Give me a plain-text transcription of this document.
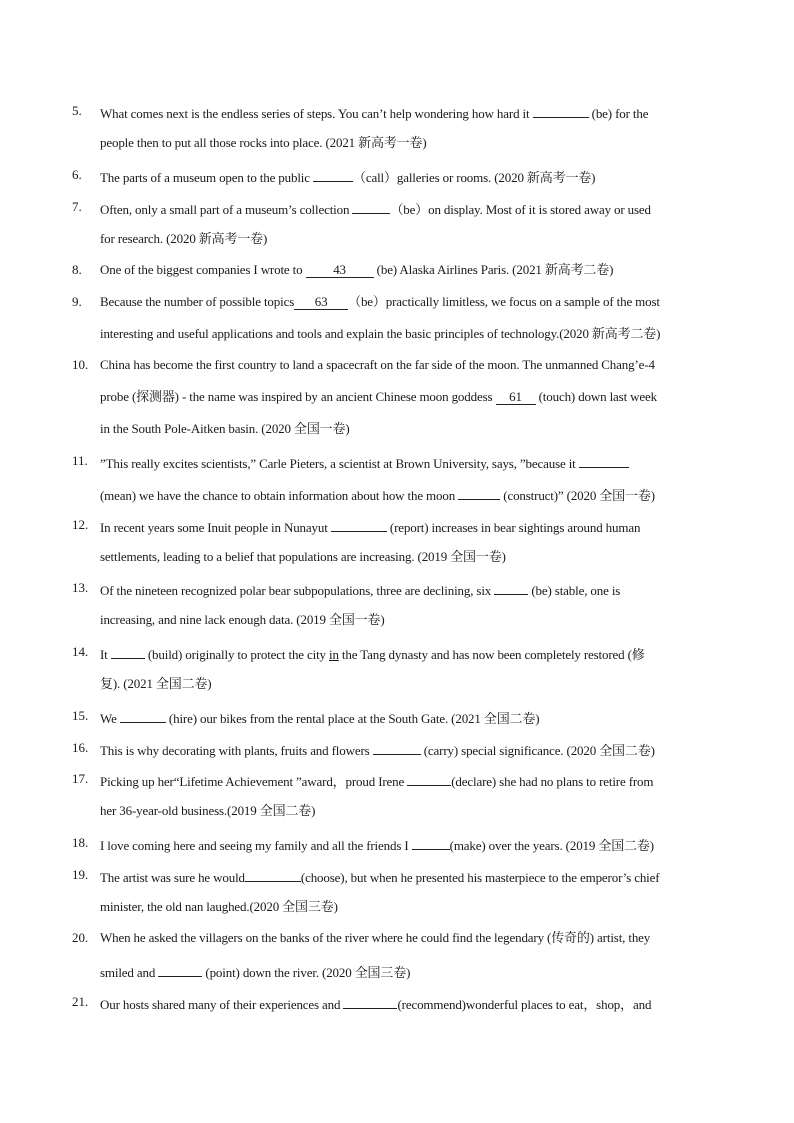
5. What comes next is the endless series of steps. You can’t help wondering how hard it	(be) for the
people then to put all those rocks into place. (2021 新高考一卷)
6. The parts of a museum open to the public	（call）galleries or rooms. (2020 新高考一卷)
7. Often, only a small part of a museum’s collection	（be）on display. Most of it is stored away or used
for research. (2020 新高考一卷)
8. One of the biggest companies I wrote to 43 (be) Alaska Airlines Paris. (2021 新高考二卷)
9. Because the number of possible topics 63 （be）practically limitless, we focus on a sample of the most
interesting and useful applications and tools and explain the basic principles of technology.(2020 新高考二卷)
10. China has become the first country to land a spacecraft on the far side of the moon. The unmanned Chang’e-4
probe (探测器) - the name was inspired by an ancient Chinese moon goddess 61 (touch) down last week
in the South Pole-Aitken basin. (2020 全国一卷)
11. ”This really excites scientists,” Carle Pieters, a scientist at Brown University, says, ”because it
(mean) we have the chance to obtain information about how the moon	(construct)” (2020 全国一卷)
12. In recent years some Inuit people in Nunayut	(report) increases in bear sightings around human
settlements, leading to a belief that populations are increasing. (2019 全国一卷)
13. Of the nineteen recognized polar bear subpopulations, three are declining, six	(be) stable, one is
increasing, and nine lack enough data. (2019 全国一卷)
14. It	(build) originally to protect the city in the Tang dynasty and has now been completely restored (修
复). (2021 全国二卷)
15. We	(hire) our bikes from the rental place at the South Gate. (2021 全国二卷)
16. This is why decorating with plants, fruits and flowers	(carry) special significance. (2020 全国二卷)
17. Picking up her“Lifetime Achievement ”award，proud Irene	(declare) she had no plans to retire from
her 36-year-old business.(2019 全国二卷)
18. I love coming here and seeing my family and all the friends I	(make) over the years. (2019 全国二卷)
19. The artist was sure he would	(choose), but when he presented his masterpiece to the emperor’s chief
minister, the old nan laughed.(2020 全国三卷)
20. When he asked the villagers on the banks of the river where he could find the legendary (传奇的) artist, they
smiled and	(point) down the river. (2020 全国三卷)
21. Our hosts shared many of their experiences and	(recommend)wonderful places to eat，shop，and
